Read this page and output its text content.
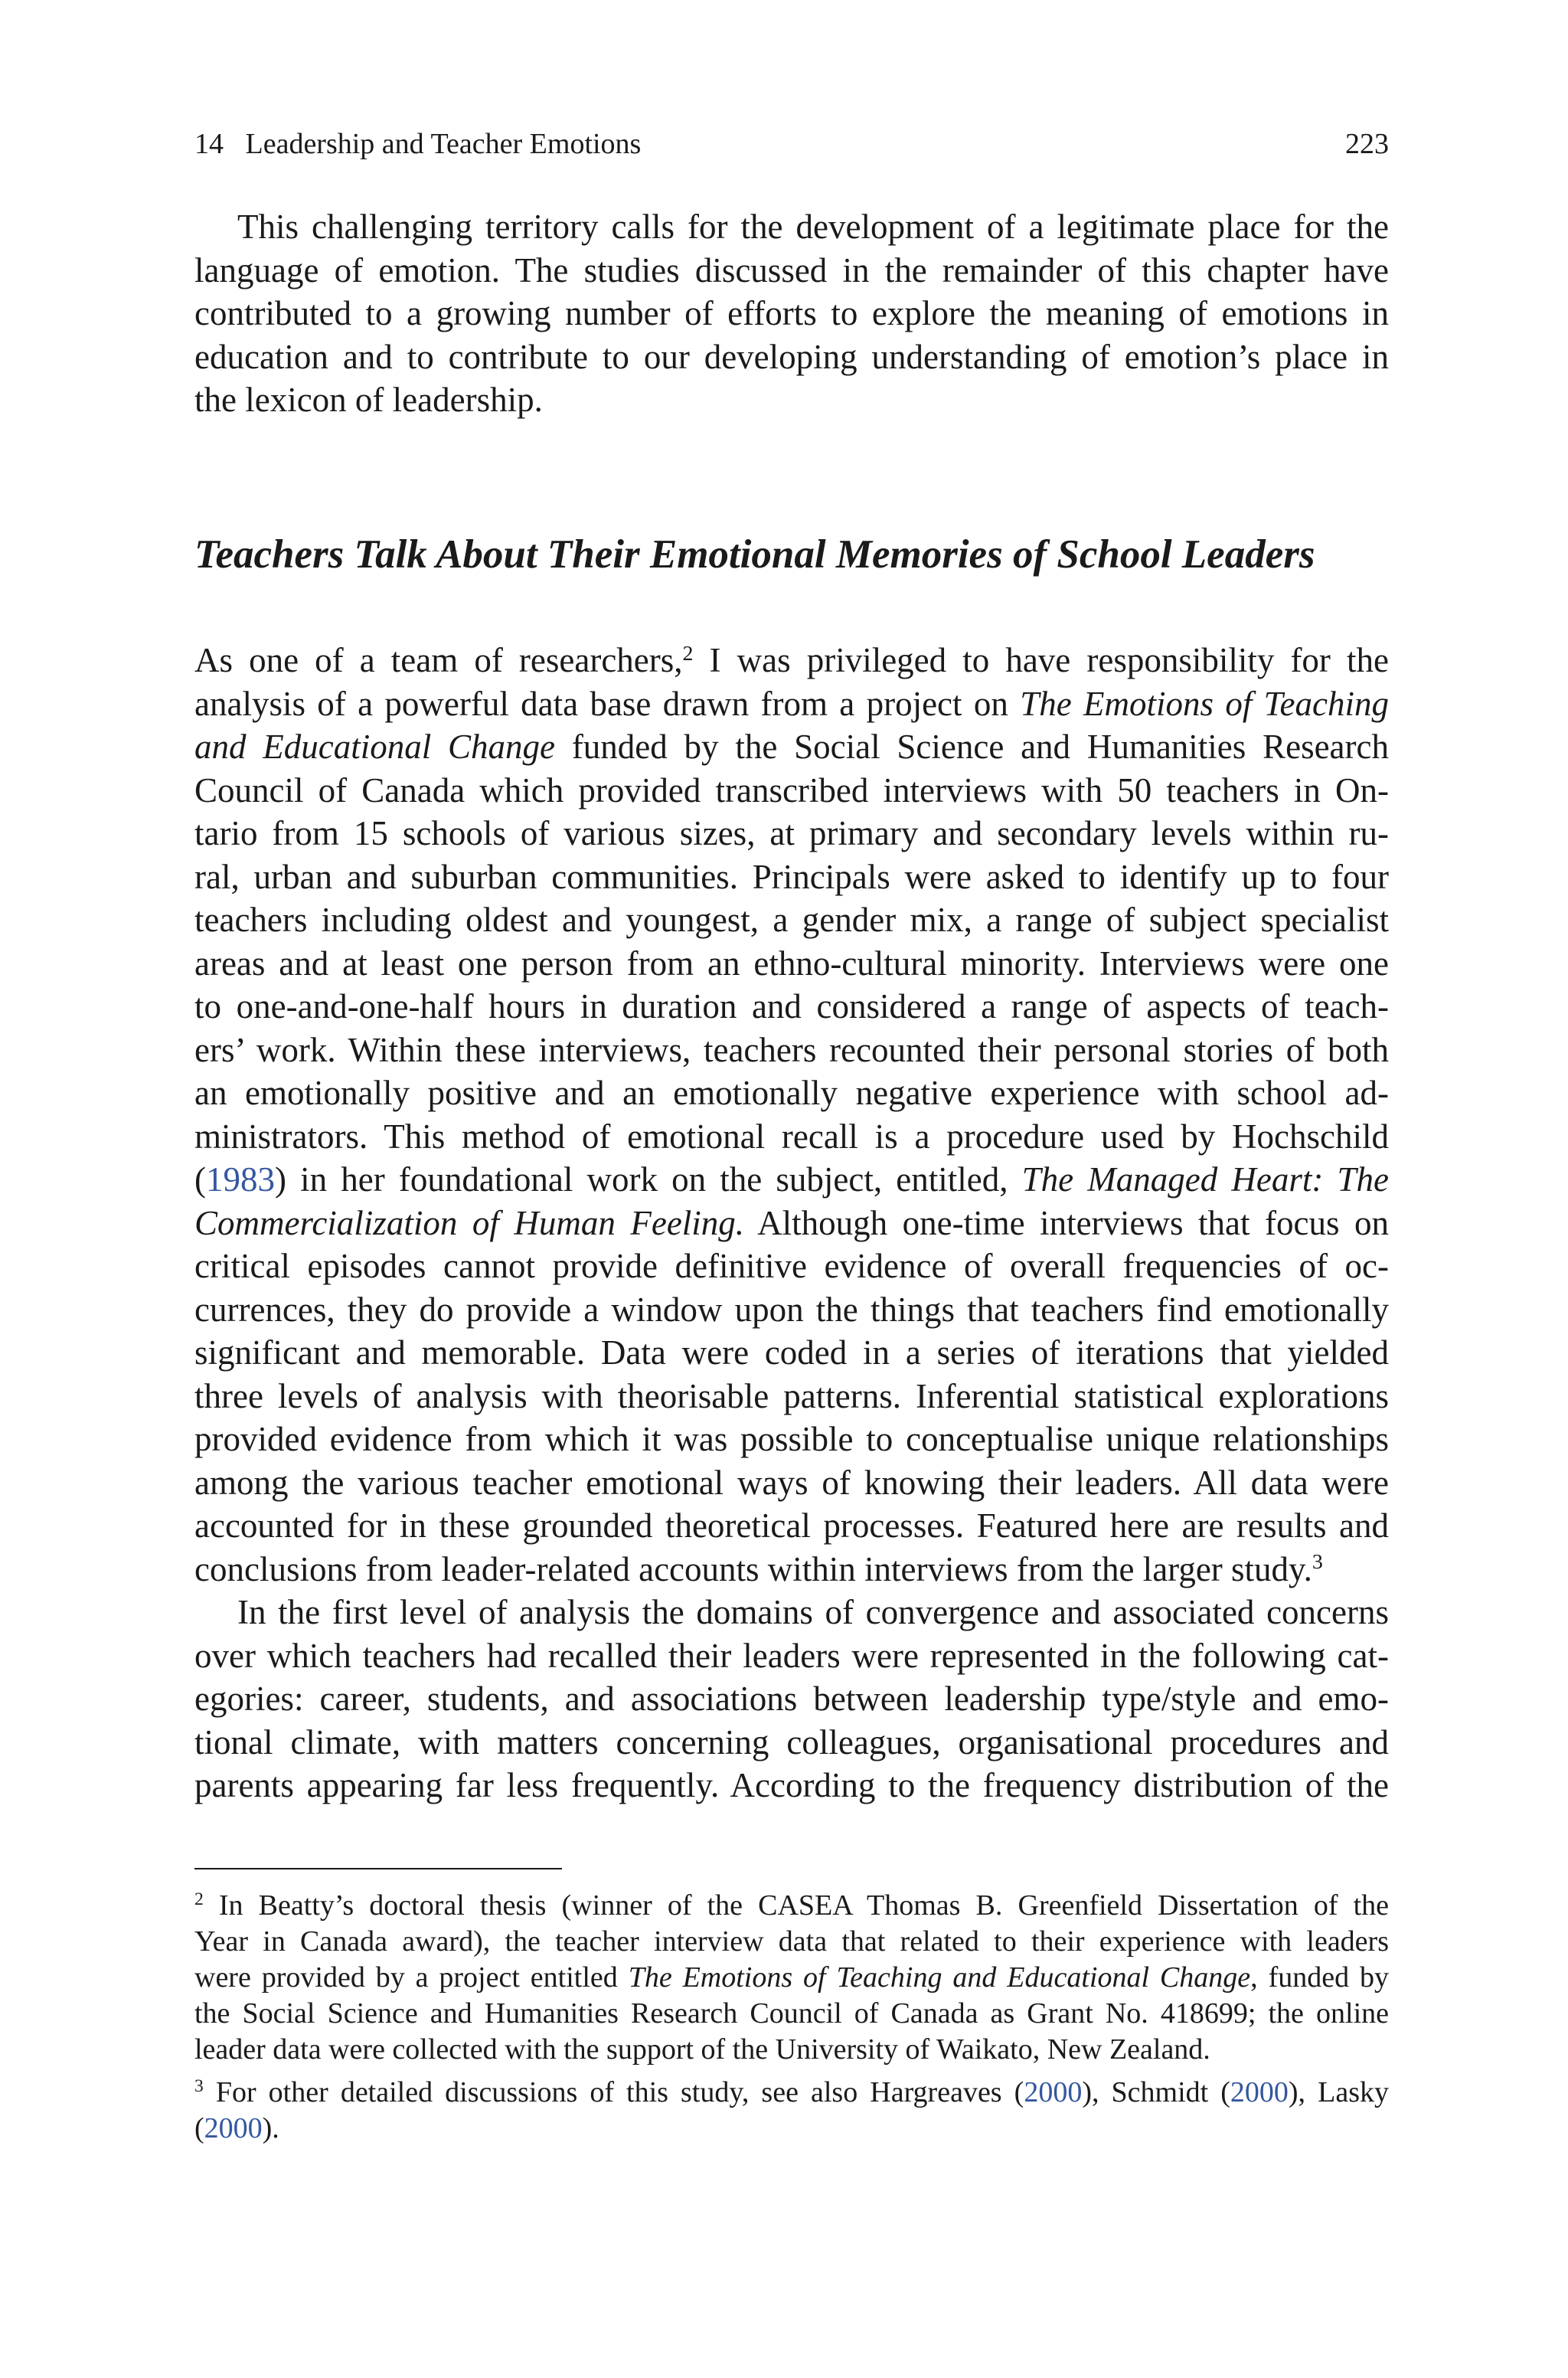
14 Leadership and Teacher Emotions	223
This challenging territory calls for the development of a legitimate place for the
language of emotion. The studies discussed in the remainder of this chapter have
contributed to a growing number of efforts to explore the meaning of emotions in
education and to contribute to our developing understanding of emotion’s place in
the lexicon of leadership.
Teachers Talk About Their Emotional Memories of School Leaders
As one of a team of researchers,$^2$ I was privileged to have responsibility for the
analysis of a powerful data base drawn from a project on The Emotions of Teaching
and Educational Change funded by the Social Science and Humanities Research
Council of Canada which provided transcribed interviews with 50 teachers in On-
tario from 15 schools of various sizes, at primary and secondary levels within ru-
ral, urban and suburban communities. Principals were asked to identify up to four
teachers including oldest and youngest, a gender mix, a range of subject specialist
areas and at least one person from an ethno-cultural minority. Interviews were one
to one-and-one-half hours in duration and considered a range of aspects of teach-
ers’ work. Within these interviews, teachers recounted their personal stories of both
an emotionally positive and an emotionally negative experience with school ad-
ministrators. This method of emotional recall is a procedure used by Hochschild
(1983) in her foundational work on the subject, entitled, The Managed Heart: The
Commercialization of Human Feeling. Although one-time interviews that focus on
critical episodes cannot provide definitive evidence of overall frequencies of oc-
currences, they do provide a window upon the things that teachers find emotionally
significant and memorable. Data were coded in a series of iterations that yielded
three levels of analysis with theorisable patterns. Inferential statistical explorations
provided evidence from which it was possible to conceptualise unique relationships
among the various teacher emotional ways of knowing their leaders. All data were
accounted for in these grounded theoretical processes. Featured here are results and
conclusions from leader-related accounts within interviews from the larger study.$^3$
In the first level of analysis the domains of convergence and associated concerns
over which teachers had recalled their leaders were represented in the following cat-
egories: career, students, and associations between leadership type/style and emo-
tional climate, with matters concerning colleagues, organisational procedures and
parents appearing far less frequently. According to the frequency distribution of the
$^2$ In Beatty’s doctoral thesis (winner of the CASEA Thomas B. Greenfield Dissertation of the
Year in Canada award), the teacher interview data that related to their experience with leaders
were provided by a project entitled The Emotions of Teaching and Educational Change, funded by
the Social Science and Humanities Research Council of Canada as Grant No. 418699; the online
leader data were collected with the support of the University of Waikato, New Zealand.
$^3$ For other detailed discussions of this study, see also Hargreaves (2000), Schmidt (2000), Lasky
(2000).
